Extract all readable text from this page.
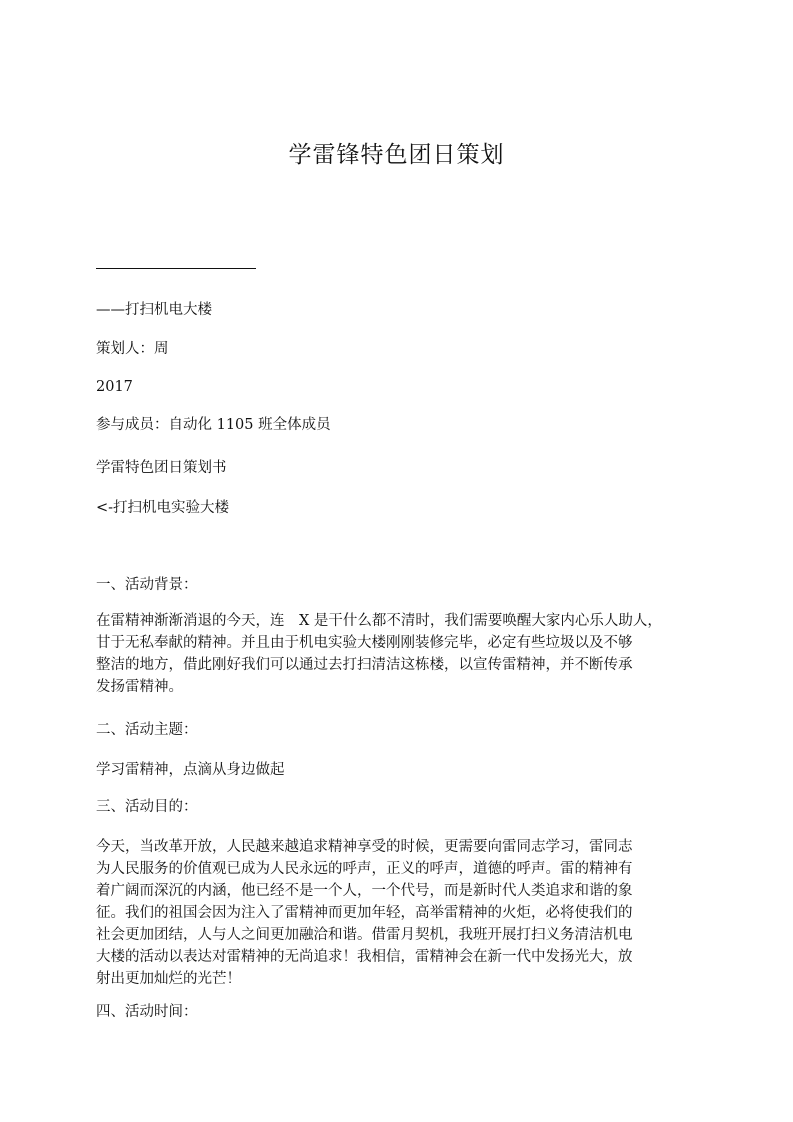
学雷锋特色团日策划

——打扫机电大楼

策划人：周

2017

参与成员：自动化 1105 班全体成员

学雷特色团日策划书

<-打扫机电实验大楼

一、活动背景：

在雷精神渐渐消退的今天，连　X 是干什么都不清时，我们需要唤醒大家内心乐人助人，
甘于无私奉献的精神。并且由于机电实验大楼刚刚装修完毕，必定有些垃圾以及不够
整洁的地方，借此刚好我们可以通过去打扫清洁这栋楼，以宣传雷精神，并不断传承
发扬雷精神。

二、活动主题：

学习雷精神，点滴从身边做起

三、活动目的：

今天，当改革开放，人民越来越追求精神享受的时候，更需要向雷同志学习，雷同志
为人民服务的价值观已成为人民永远的呼声，正义的呼声，道德的呼声。雷的精神有
着广阔而深沉的内涵，他已经不是一个人，一个代号，而是新时代人类追求和谐的象
征。我们的祖国会因为注入了雷精神而更加年轻，高举雷精神的火炬，必将使我们的
社会更加团结，人与人之间更加融洽和谐。借雷月契机，我班开展打扫义务清洁机电
大楼的活动以表达对雷精神的无尚追求！我相信，雷精神会在新一代中发扬光大，放
射出更加灿烂的光芒！

四、活动时间：
